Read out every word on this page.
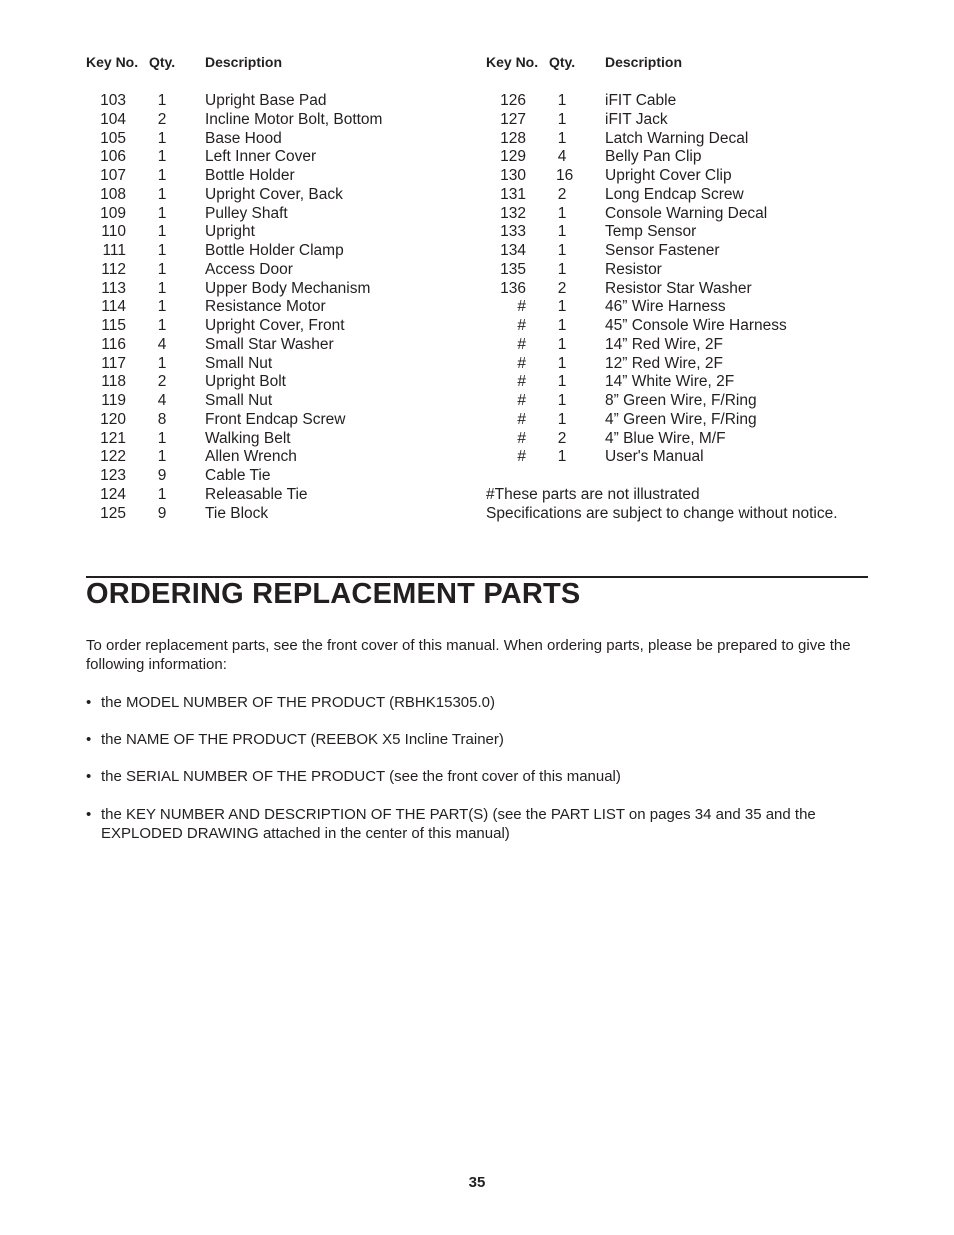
Key No. Qty. Description
103 1 Upright Base Pad
104 2 Incline Motor Bolt, Bottom
105 1 Base Hood
106 1 Left Inner Cover
107 1 Bottle Holder
108 1 Upright Cover, Back
109 1 Pulley Shaft
110 1 Upright
111 1 Bottle Holder Clamp
112 1 Access Door
113 1 Upper Body Mechanism
114 1 Resistance Motor
115 1 Upright Cover, Front
116 4 Small Star Washer
117 1 Small Nut
118 2 Upright Bolt
119 4 Small Nut
120 8 Front Endcap Screw
121 1 Walking Belt
122 1 Allen Wrench
123 9 Cable Tie
124 1 Releasable Tie
125 9 Tie Block
Key No. Qty. Description
126 1 iFIT Cable
127 1 iFIT Jack
128 1 Latch Warning Decal
129 4 Belly Pan Clip
130 16 Upright Cover Clip
131 2 Long Endcap Screw
132 1 Console Warning Decal
133 1 Temp Sensor
134 1 Sensor Fastener
135 1 Resistor
136 2 Resistor Star Washer
# 1 46” Wire Harness
# 1 45” Console Wire Harness
# 1 14” Red Wire, 2F
# 1 12” Red Wire, 2F
# 1 14” White Wire, 2F
# 1 8” Green Wire, F/Ring
# 1 4” Green Wire, F/Ring
# 2 4” Blue Wire, M/F
# 1 User's Manual
#These parts are not illustrated
Specifications are subject to change without notice.
ORDERING REPLACEMENT PARTS
To order replacement parts, see the front cover of this manual. When ordering parts, please be prepared to give the following information:
• the MODEL NUMBER OF THE PRODUCT (RBHK15305.0)
• the NAME OF THE PRODUCT (REEBOK X5 Incline Trainer)
• the SERIAL NUMBER OF THE PRODUCT (see the front cover of this manual)
• the KEY NUMBER AND DESCRIPTION OF THE PART(S) (see the PART LIST on pages 34 and 35 and the EXPLODED DRAWING attached in the center of this manual)
35
